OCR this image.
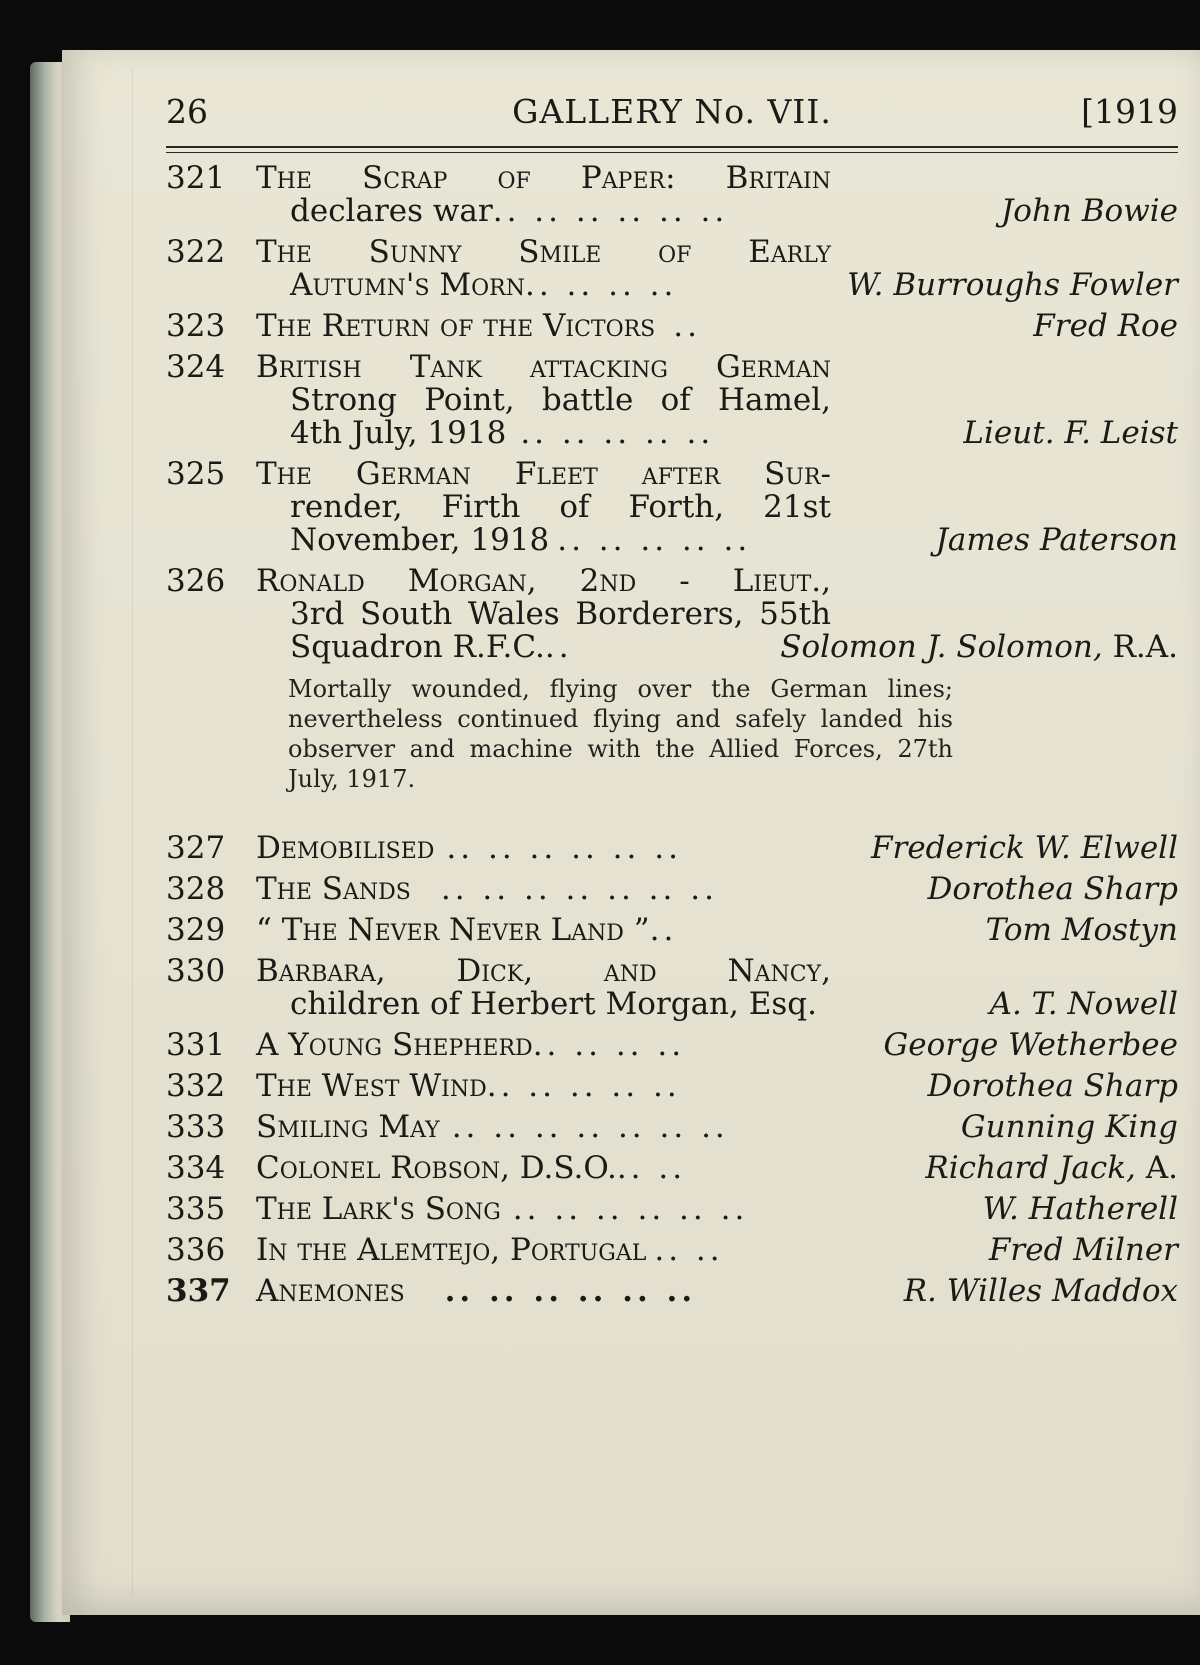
26	GALLERY No. VII.	[1919
321 The Scrap of Paper: Britain
declares war .. .. .. .. .. ..	John Bowie
322 The Sunny Smile of Early
Autumn's Morn .. .. .. ..	W. Burroughs Fowler
323 The Return of the Victors ..	Fred Roe
324 British Tank attacking German
Strong Point, battle of Hamel,
4th July, 1918 .. .. .. .. ..	Lieut. F. Leist
325 The German Fleet after Sur-
render, Firth of Forth, 21st
November, 1918 .. .. .. .. ..	James Paterson
326 Ronald Morgan, 2nd - Lieut.,
3rd South Wales Borderers, 55th
Squadron R.F.C. ..	Solomon J. Solomon, R.A.

Mortally wounded, flying over the German lines; nevertheless continued flying and safely landed his observer and machine with the Allied Forces, 27th July, 1917.

327 Demobilised .. .. .. .. .. ..	Frederick W. Elwell
328 The Sands .. .. .. .. .. .. ..	Dorothea Sharp
329 “ The Never Never Land ” ..	Tom Mostyn
330 Barbara, Dick, and Nancy,
children of Herbert Morgan, Esq.	A. T. Nowell
331 A Young Shepherd .. .. .. ..	George Wetherbee
332 The West Wind .. .. .. .. ..	Dorothea Sharp
333 Smiling May .. .. .. .. .. .. ..	Gunning King
334 Colonel Robson, D.S.O. .. ..	Richard Jack, A.
335 The Lark's Song .. .. .. .. .. ..	W. Hatherell
336 In the Alemtejo, Portugal .. ..	Fred Milner
337 Anemones	.. .. .. .. .. ..	R. Willes Maddox
